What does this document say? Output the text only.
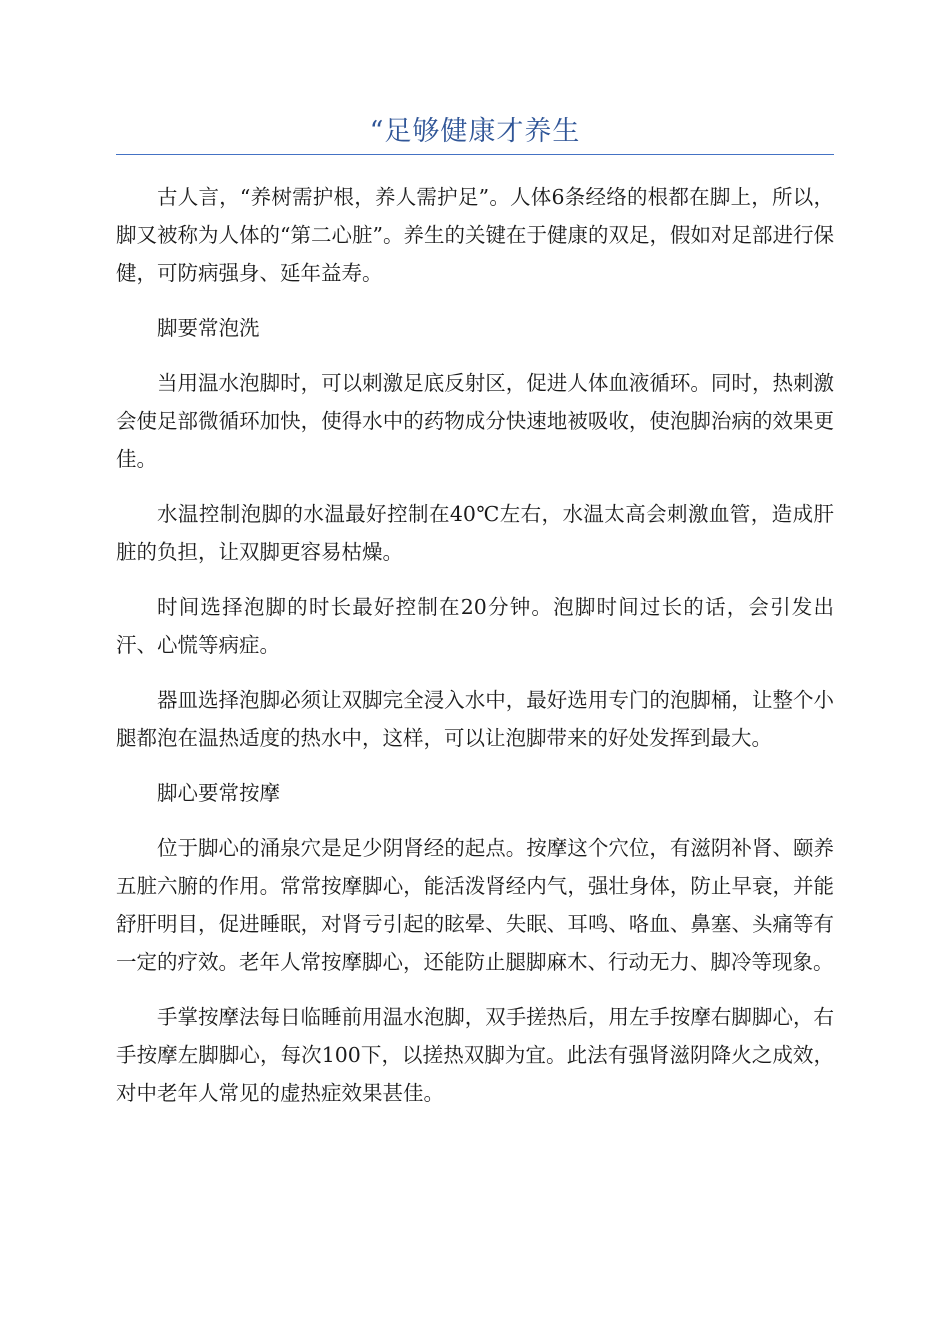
“足够健康才养生

古人言，“养树需护根，养人需护足”。人体6条经络的根都在脚上，所以，脚又被称为人体的“第二心脏”。养生的关键在于健康的双足，假如对足部进行保健，可防病强身、延年益寿。

脚要常泡洗

当用温水泡脚时，可以刺激足底反射区，促进人体血液循环。同时，热刺激会使足部微循环加快，使得水中的药物成分快速地被吸收，使泡脚治病的效果更佳。

水温控制泡脚的水温最好控制在40℃左右，水温太高会刺激血管，造成肝脏的负担，让双脚更容易枯燥。

时间选择泡脚的时长最好控制在20分钟。泡脚时间过长的话，会引发出汗、心慌等病症。

器皿选择泡脚必须让双脚完全浸入水中，最好选用专门的泡脚桶，让整个小腿都泡在温热适度的热水中，这样，可以让泡脚带来的好处发挥到最大。

脚心要常按摩

位于脚心的涌泉穴是足少阴肾经的起点。按摩这个穴位，有滋阴补肾、颐养五脏六腑的作用。常常按摩脚心，能活泼肾经内气，强壮身体，防止早衰，并能舒肝明目，促进睡眠，对肾亏引起的眩晕、失眠、耳鸣、咯血、鼻塞、头痛等有一定的疗效。老年人常按摩脚心，还能防止腿脚麻木、行动无力、脚冷等现象。

手掌按摩法每日临睡前用温水泡脚，双手搓热后，用左手按摩右脚脚心，右手按摩左脚脚心，每次100下，以搓热双脚为宜。此法有强肾滋阴降火之成效，对中老年人常见的虚热症效果甚佳。
